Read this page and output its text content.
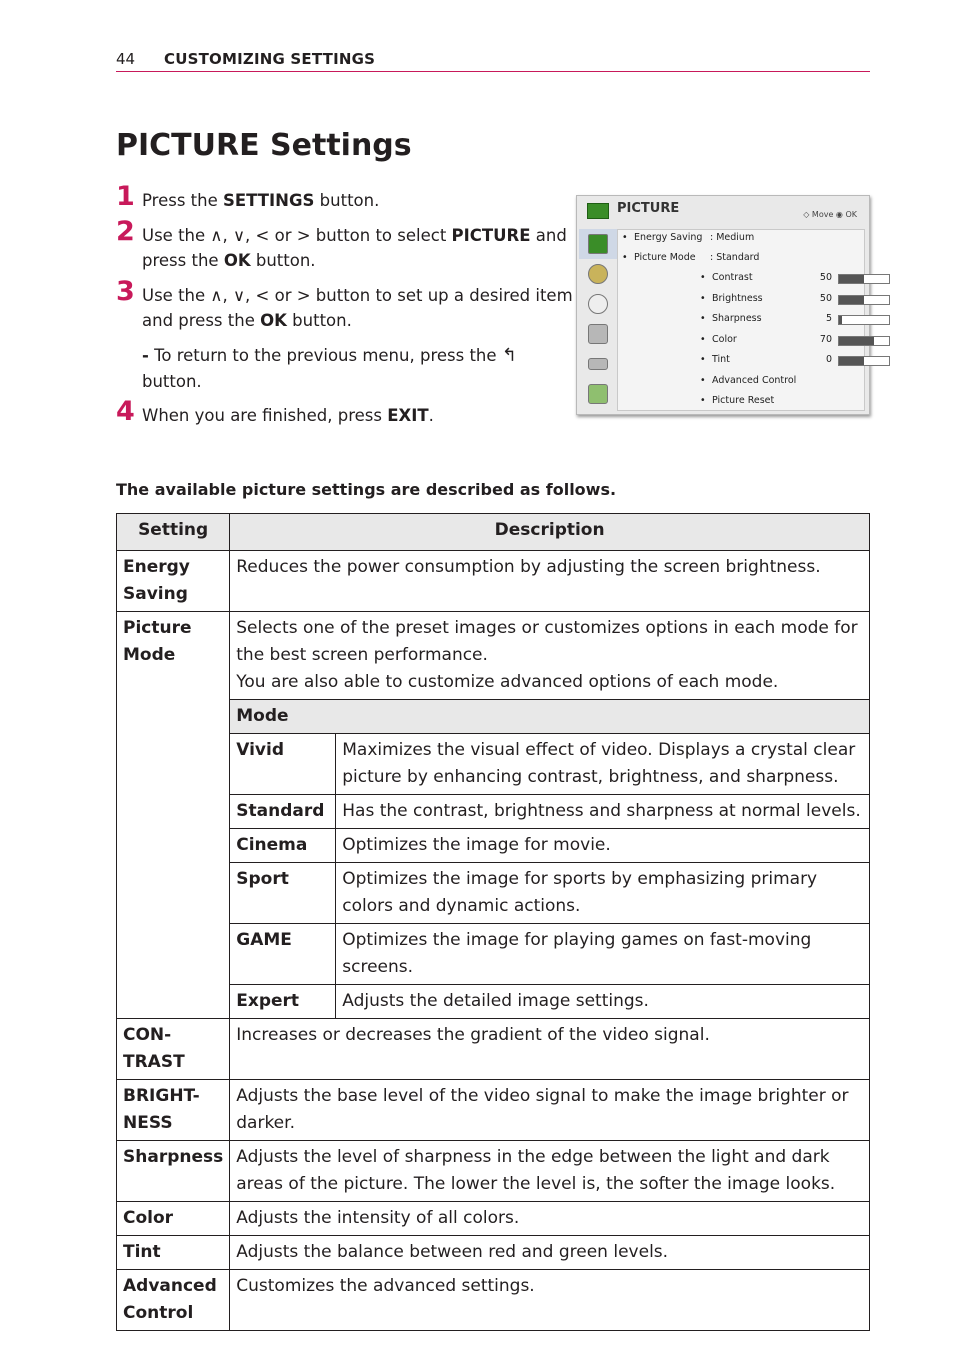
44 CUSTOMIZING SETTINGS
PICTURE Settings
1 Press the SETTINGS button.
2 Use the ∧, ∨, < or > button to select PICTURE and press the OK button.
3 Use the ∧, ∨, < or > button to set up a desired item and press the OK button.
- To return to the previous menu, press the ↰ button.
4 When you are finished, press EXIT.
PICTURE	◇ Move ◉ OK
• Energy Saving : Medium
• Picture Mode : Standard
• Contrast	50
• Brightness	50
• Sharpness	5
• Color	70
• Tint	0
• Advanced Control
• Picture Reset
The available picture settings are described as follows.
Setting	Description	
Energy Saving	Reduces the power consumption by adjusting the screen brightness.	
Picture Mode	Selects one of the preset images or customizes options in each mode for the best screen performance.
You are also able to customize advanced options of each mode.	

	Mode	
	Vivid	Maximizes the visual effect of video. Displays a crystal clear picture by enhancing contrast, brightness, and sharpness.
	Standard	Has the contrast, brightness and sharpness at normal levels.
	Cinema	Optimizes the image for movie.
	Sport	Optimizes the image for sports by emphasizing primary colors and dynamic actions.
	GAME	Optimizes the image for playing games on fast-moving screens.
	Expert	Adjusts the detailed image settings.
CON-TRAST	Increases or decreases the gradient of the video signal.	
BRIGHT-NESS	Adjusts the base level of the video signal to make the image brighter or darker.	
Sharpness	Adjusts the level of sharpness in the edge between the light and dark areas of the picture. The lower the level is, the softer the image looks.	
Color	Adjusts the intensity of all colors.	
Tint	Adjusts the balance between red and green levels.	
Advanced Control	Customizes the advanced settings.	
